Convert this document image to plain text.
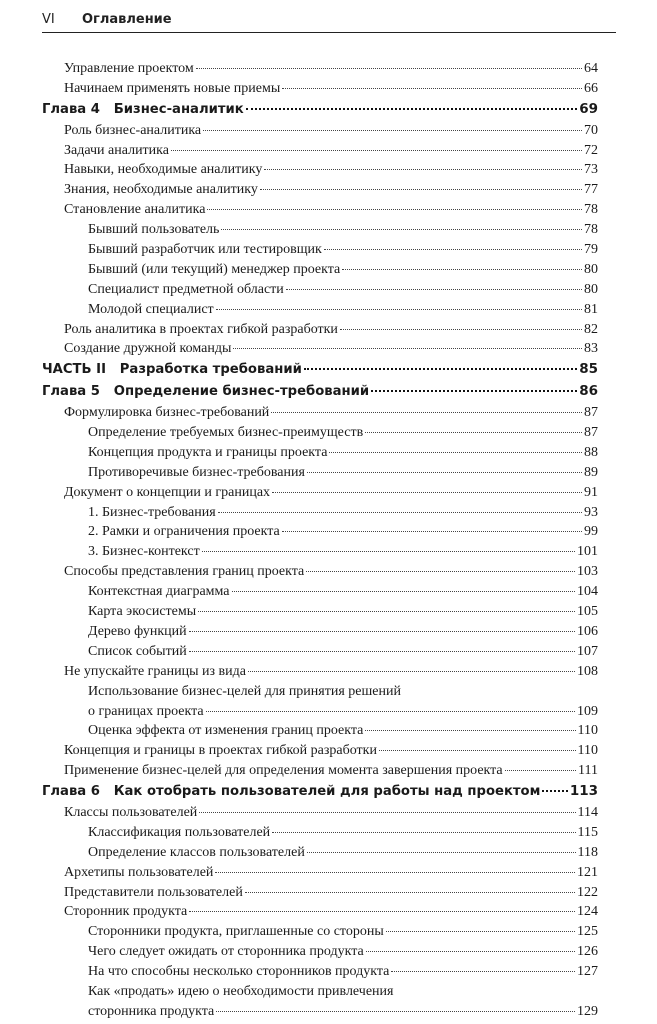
VI Оглавление
Управление проектом	64
Начинаем применять новые приемы	66
Глава 4   Бизнес-аналитик	69
Роль бизнес-аналитика	70
Задачи аналитика	72
Навыки, необходимые аналитику	73
Знания, необходимые аналитику	77
Становление аналитика	78
Бывший пользователь	78
Бывший разработчик или тестировщик	79
Бывший (или текущий) менеджер проекта	80
Специалист предметной области	80
Молодой специалист	81
Роль аналитика в проектах гибкой разработки	82
Создание дружной команды	83
ЧАСТЬ II   Разработка требований	85
Глава 5   Определение бизнес-требований	86
Формулировка бизнес-требований	87
Определение требуемых бизнес-преимуществ	87
Концепция продукта и границы проекта	88
Противоречивые бизнес-требования	89
Документ о концепции и границах	91
1. Бизнес-требования	93
2. Рамки и ограничения проекта	99
3. Бизнес-контекст	101
Способы представления границ проекта	103
Контекстная диаграмма	104
Карта экосистемы	105
Дерево функций	106
Список событий	107
Не упускайте границы из вида	108
Использование бизнес-целей для принятия решений
о границах проекта	109
Оценка эффекта от изменения границ проекта	110
Концепция и границы в проектах гибкой разработки	110
Применение бизнес-целей для определения момента завершения проекта	111
Глава 6   Как отобрать пользователей для работы над проектом 113
Классы пользователей	114
Классификация пользователей	115
Определение классов пользователей	118
Архетипы пользователей	121
Представители пользователей	122
Сторонник продукта	124
Сторонники продукта, приглашенные со стороны	125
Чего следует ожидать от сторонника продукта	126
На что способны несколько сторонников продукта	127
Как «продать» идею о необходимости привлечения
сторонника продукта	129
